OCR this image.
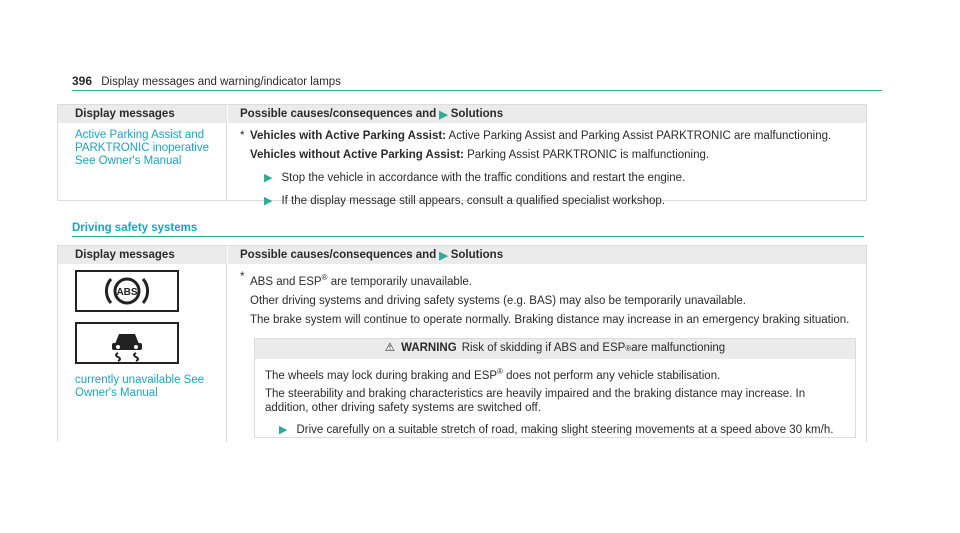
396 Display messages and warning/indicator lamps
Display messages	Possible causes/consequences and ▶ Solutions
Active Parking Assist and
PARKTRONIC inoperative
See Owner's Manual
* Vehicles with Active Parking Assist: Active Parking Assist and Parking Assist PARKTRONIC are malfunctioning.
Vehicles without Active Parking Assist: Parking Assist PARKTRONIC is malfunctioning.
▶ Stop the vehicle in accordance with the traffic conditions and restart the engine.
▶ If the display message still appears, consult a qualified specialist workshop.
Driving safety systems
Display messages	Possible causes/consequences and ▶ Solutions
ABS
currently unavailable See
Owner's Manual
* ABS and ESP® are temporarily unavailable.
Other driving systems and driving safety systems (e.g. BAS) may also be temporarily unavailable.
The brake system will continue to operate normally. Braking distance may increase in an emergency braking situation.
⚠ WARNING Risk of skidding if ABS and ESP ® are malfunctioning
The wheels may lock during braking and ESP® does not perform any vehicle stabilisation.
The steerability and braking characteristics are heavily impaired and the braking distance may increase. In addition, other driving safety systems are switched off.
▶ Drive carefully on a suitable stretch of road, making slight steering movements at a speed above 30 km/h.
